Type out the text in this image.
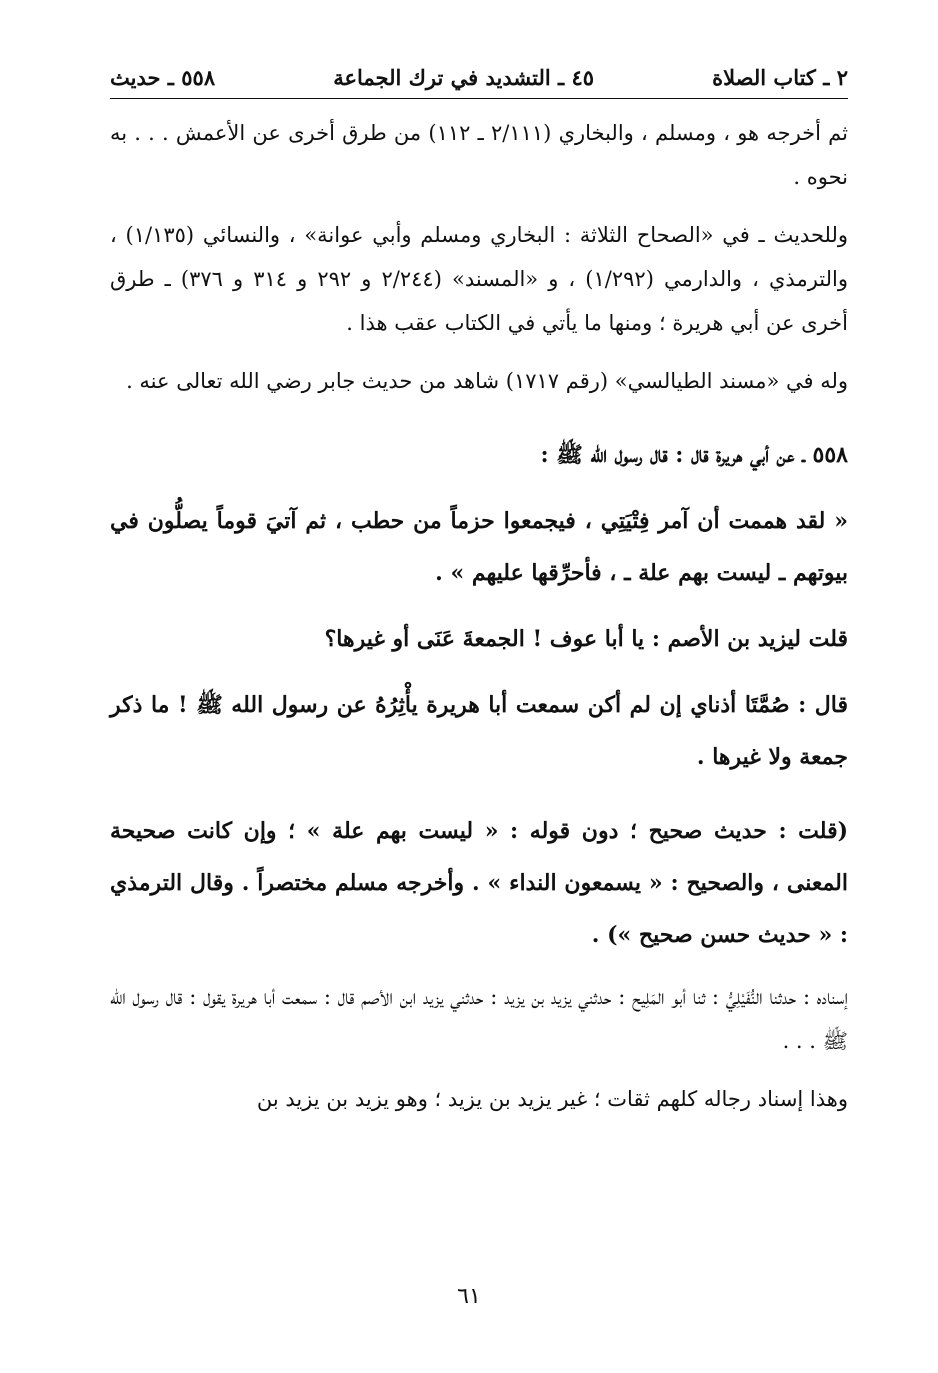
٢ ـ كتاب الصلاة
٤٥ ـ التشديد في ترك الجماعة
٥٥٨ ـ حديث

ثم أخرجه هو ، ومسلم ، والبخاري (٢/١١١ ـ ١١٢) من طرق أخرى عن الأعمش . . . به نحوه .

وللحديث ـ في «الصحاح الثلاثة : البخاري ومسلم وأبي عوانة» ، والنسائي (١/١٣٥) ، والترمذي ، والدارمي (١/٢٩٢) ، و «المسند» (٢/٢٤٤ و ٢٩٢ و ٣١٤ و ٣٧٦) ـ طرق أخرى عن أبي هريرة ؛ ومنها ما يأتي في الكتاب عقب هذا .

وله في «مسند الطيالسي» (رقم ١٧١٧) شاهد من حديث جابر رضي الله تعالى عنه .

٥٥٨ ـ عن أبي هريرة قال : قال رسول الله ﷺ :

« لقد هممت أن آمر فِتْيَتِي ، فيجمعوا حزماً من حطب ، ثم آتيَ قوماً يصلُّون في بيوتهم ـ ليست بهم علة ـ ، فأحرِّقها عليهم » .

قلت ليزيد بن الأصم : يا أبا عوف ! الجمعةَ عَنَى أو غيرها؟

قال : صُمَّتَا أذناي إن لم أكن سمعت أبا هريرة يأْثِرُهُ عن رسول الله ﷺ ! ما ذكر جمعة ولا غيرها .

(قلت : حديث صحيح ؛ دون قوله : « ليست بهم علة » ؛ وإن كانت صحيحة المعنى ، والصحيح : « يسمعون النداء » . وأخرجه مسلم مختصراً . وقال الترمذي : « حديث حسن صحيح ») .

إسناده : حدثنا النُّفَيْلِيُّ : ثنا أبو المَلِيح : حدثني يزيد بن يزيد : حدثني يزيد ابن الأصم قال : سمعت أبا هريرة يقول : قال رسول الله ﷺ . . .

وهذا إسناد رجاله كلهم ثقات ؛ غير يزيد بن يزيد ؛ وهو يزيد بن يزيد بن

٦١
